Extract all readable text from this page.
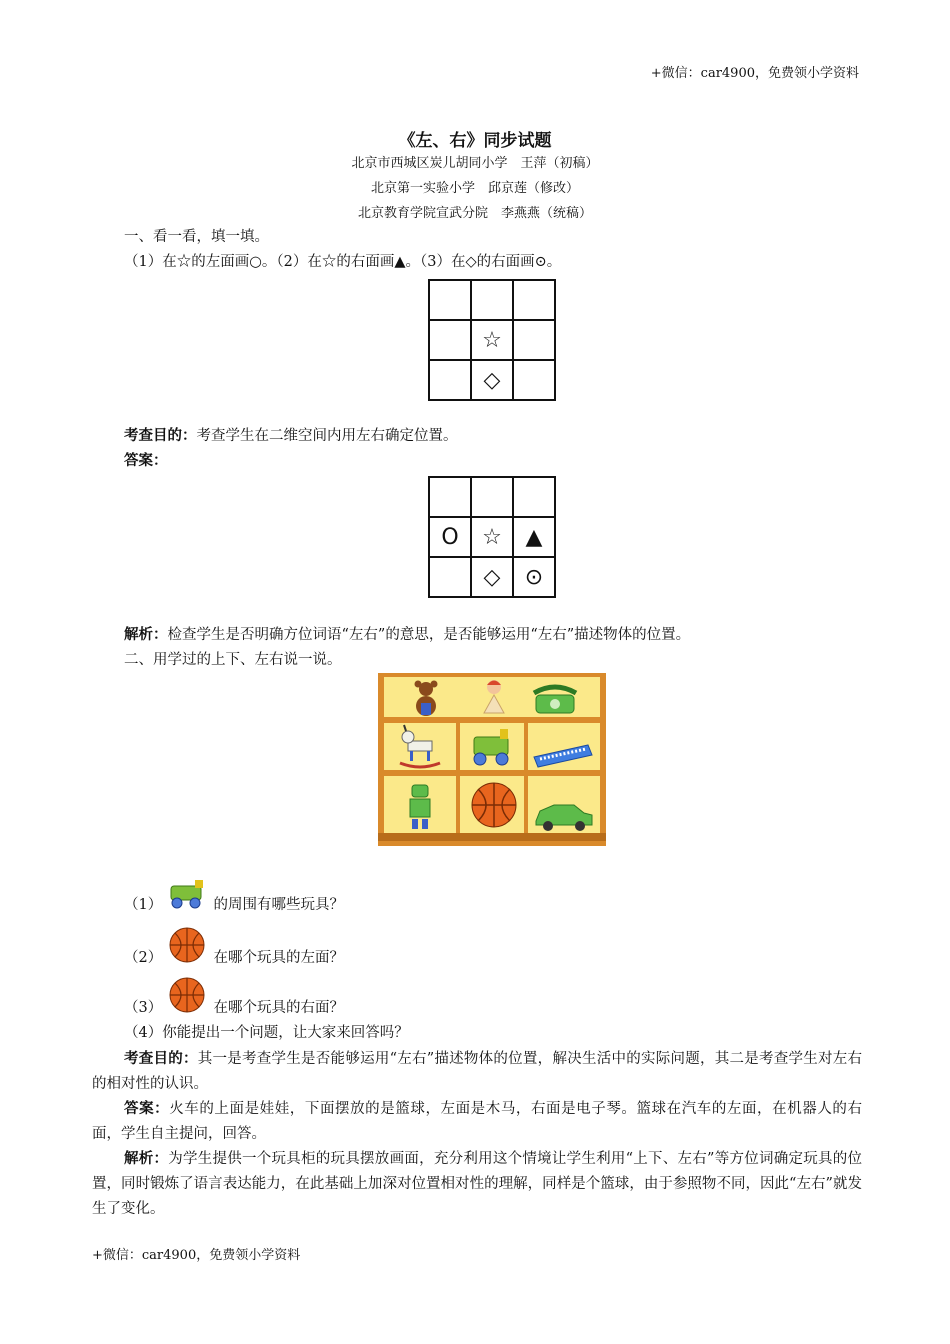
+微信：car4900，免费领小学资料
《左、右》同步试题
北京市西城区炭儿胡同小学　王萍（初稿）
北京第一实验小学　邱京莲（修改）
北京教育学院宣武分院　李燕燕（统稿）
一、看一看，填一填。
（1）在☆的左面画○。（2）在☆的右面画▲。（3）在◇的右面画⊙。

	☆	
	◇	
考查目的：考查学生在二维空间内用左右确定位置。
答案：

O	☆	▲
	◇	⊙
解析：检查学生是否明确方位词语“左右”的意思，是否能够运用“左右”描述物体的位置。
二、用学过的上下、左右说一说。
（1）	的周围有哪些玩具？
（2）	在哪个玩具的左面？
（3）	在哪个玩具的右面？
（4）你能提出一个问题，让大家来回答吗？
考查目的：其一是考查学生是否能够运用“左右”描述物体的位置，解决生活中的实际问题，其二是考查学生对左右的相对性的认识。
答案：火车的上面是娃娃，下面摆放的是篮球，左面是木马，右面是电子琴。篮球在汽车的左面，在机器人的右面，学生自主提问，回答。
解析：为学生提供一个玩具柜的玩具摆放画面，充分利用这个情境让学生利用“上下、左右”等方位词确定玩具的位置，同时锻炼了语言表达能力，在此基础上加深对位置相对性的理解，同样是个篮球，由于参照物不同，因此“左右”就发生了变化。
+微信：car4900，免费领小学资料
